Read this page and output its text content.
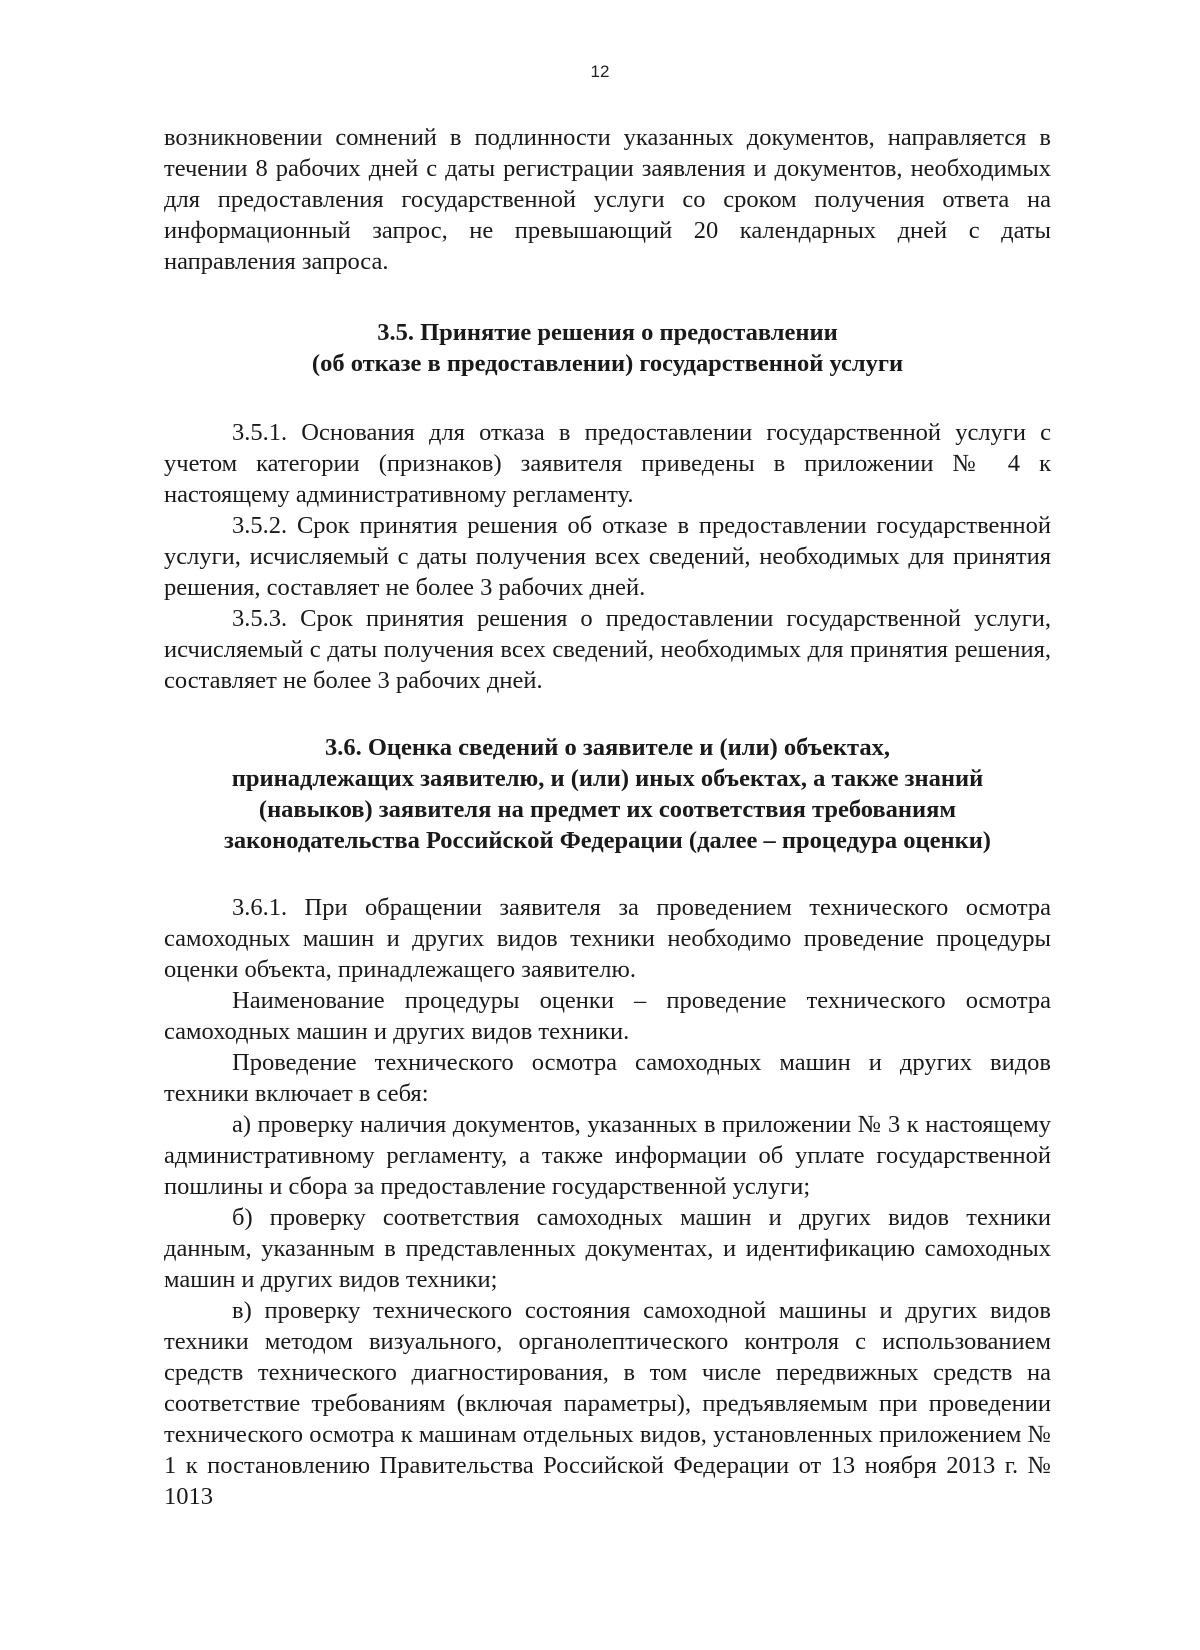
12

возникновении сомнений в подлинности указанных документов, направляется в течении 8 рабочих дней с даты регистрации заявления и документов, необходимых для предоставления государственной услуги со сроком получения ответа на информационный запрос, не превышающий 20 календарных дней с даты направления запроса.

3.5. Принятие решения о предоставлении
(об отказе в предоставлении) государственной услуги

3.5.1. Основания для отказа в предоставлении государственной услуги с учетом категории (признаков) заявителя приведены в приложении № 4 к настоящему административному регламенту.

3.5.2. Срок принятия решения об отказе в предоставлении государственной услуги, исчисляемый с даты получения всех сведений, необходимых для принятия решения, составляет не более 3 рабочих дней.

3.5.3. Срок принятия решения о предоставлении государственной услуги, исчисляемый с даты получения всех сведений, необходимых для принятия решения, составляет не более 3 рабочих дней.

3.6. Оценка сведений о заявителе и (или) объектах,
принадлежащих заявителю, и (или) иных объектах, а также знаний
(навыков) заявителя на предмет их соответствия требованиям
законодательства Российской Федерации (далее – процедура оценки)

3.6.1. При обращении заявителя за проведением технического осмотра самоходных машин и других видов техники необходимо проведение процедуры оценки объекта, принадлежащего заявителю.

Наименование процедуры оценки – проведение технического осмотра самоходных машин и других видов техники.

Проведение технического осмотра самоходных машин и других видов техники включает в себя:

а) проверку наличия документов, указанных в приложении № 3 к настоящему административному регламенту, а также информации об уплате государственной пошлины и сбора за предоставление государственной услуги;

б) проверку соответствия самоходных машин и других видов техники данным, указанным в представленных документах, и идентификацию самоходных машин и других видов техники;

в) проверку технического состояния самоходной машины и других видов техники методом визуального, органолептического контроля с использованием средств технического диагностирования, в том числе передвижных средств на соответствие требованиям (включая параметры), предъявляемым при проведении технического осмотра к машинам отдельных видов, установленных приложением № 1 к постановлению Правительства Российской Федерации от 13 ноября 2013 г. № 1013
